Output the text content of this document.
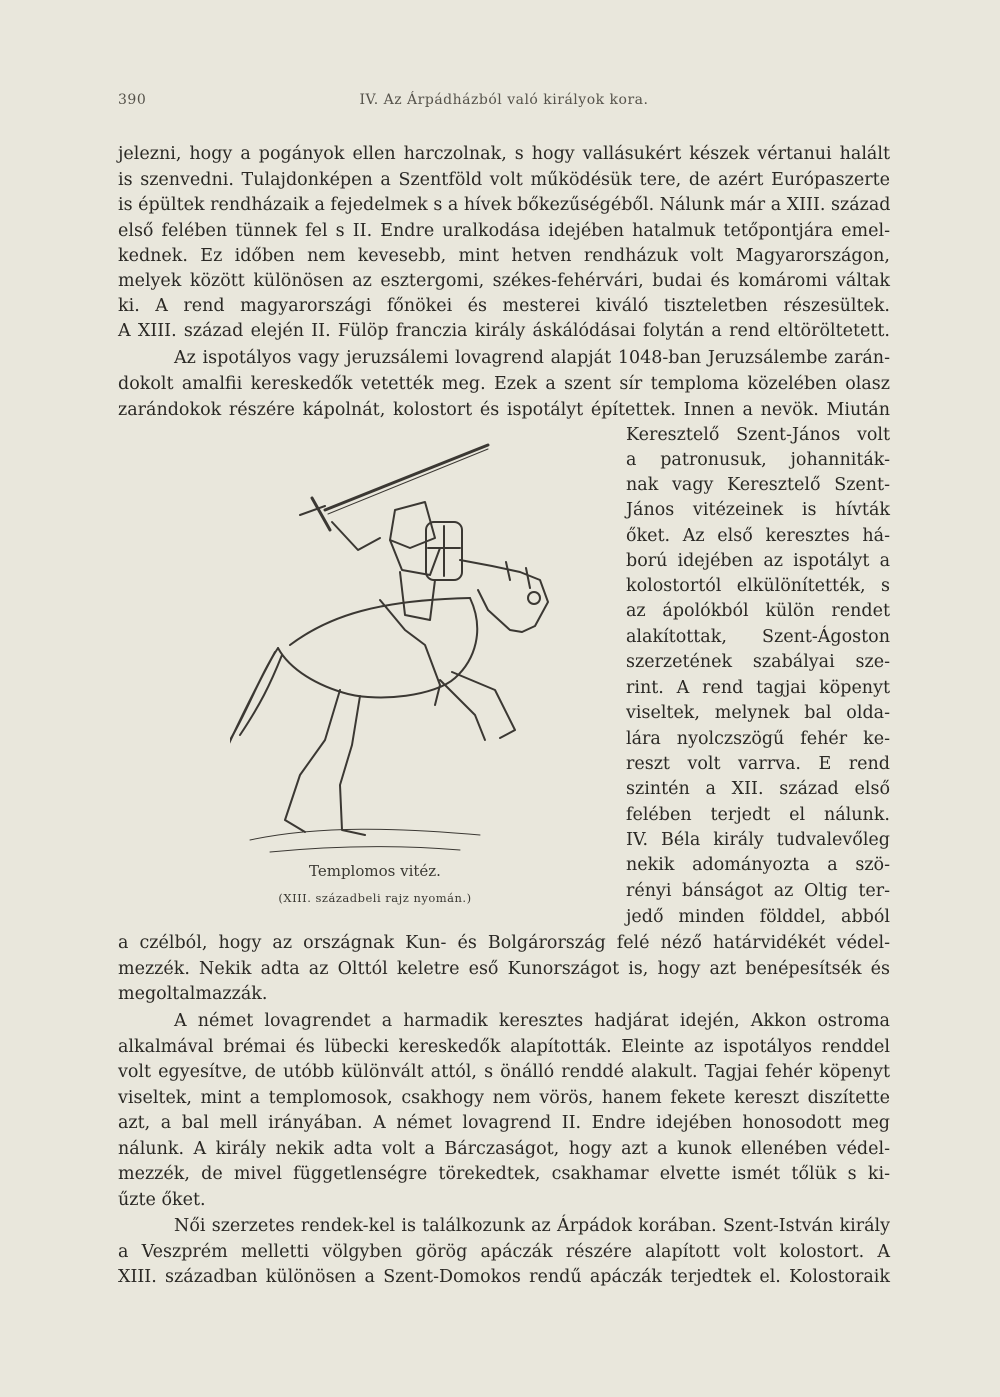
390	IV. Az Árpádházból való királyok kora.
jelezni, hogy a pogányok ellen harczolnak, s hogy vallásukért készek vértanui halált
is szenvedni. Tulajdonképen a Szentföld volt működésük tere, de azért Európaszerte
is épültek rendházaik a fejedelmek s a hívek bőkezűségéből. Nálunk már a XIII. század
első felében tünnek fel s II. Endre uralkodása idejében hatalmuk tetőpontjára emel-
kednek. Ez időben nem kevesebb, mint hetven rendházuk volt Magyarországon,
melyek között különösen az esztergomi, székes-fehérvári, budai és komáromi váltak
ki. A rend magyarországi főnökei és mesterei kiváló tiszteletben részesültek.
A XIII. század elején II. Fülöp franczia király áskálódásai folytán a rend eltöröltetett.
Az ispotályos vagy jeruzsálemi lovagrend alapját 1048-ban Jeruzsálembe zarán-
dokolt amalfii kereskedők vetették meg. Ezek a szent sír temploma közelében olasz
zarándokok részére kápolnát, kolostort és ispotályt építettek. Innen a nevök. Miután
Keresztelő Szent-János volt
a patronusuk, johanniták-
nak vagy Keresztelő Szent-
János vitézeinek is hívták
őket. Az első keresztes há-
ború idejében az ispotályt a
kolostortól elkülönítették, s
az ápolókból külön rendet
alakítottak, Szent-Ágoston
szerzetének szabályai sze-
rint. A rend tagjai köpenyt
viseltek, melynek bal olda-
lára nyolczszögű fehér ke-
reszt volt varrva. E rend
szintén a XII. század első
felében terjedt el nálunk.
IV. Béla király tudvalevőleg
nekik adományozta a szö-
rényi bánságot az Oltig ter-
jedő minden földdel, abból
a czélból, hogy az országnak Kun- és Bolgárország felé néző határvidékét védel-
mezzék. Nekik adta az Olttól keletre eső Kunországot is, hogy azt benépesítsék és
megoltalmazzák.
A német lovagrendet a harmadik keresztes hadjárat idején, Akkon ostroma
alkalmával brémai és lübecki kereskedők alapították. Eleinte az ispotályos renddel
volt egyesítve, de utóbb különvált attól, s önálló renddé alakult. Tagjai fehér köpenyt
viseltek, mint a templomosok, csakhogy nem vörös, hanem fekete kereszt diszítette
azt, a bal mell irányában. A német lovagrend II. Endre idejében honosodott meg
nálunk. A király nekik adta volt a Bárczaságot, hogy azt a kunok ellenében védel-
mezzék, de mivel függetlenségre törekedtek, csakhamar elvette ismét tőlük s ki-
űzte őket.
Női szerzetes rendek-kel is találkozunk az Árpádok korában. Szent-István király
a Veszprém melletti völgyben görög apáczák részére alapított volt kolostort. A
XIII. században különösen a Szent-Domokos rendű apáczák terjedtek el. Kolostoraik
Templomos vitéz.
(XIII. századbeli rajz nyomán.)
